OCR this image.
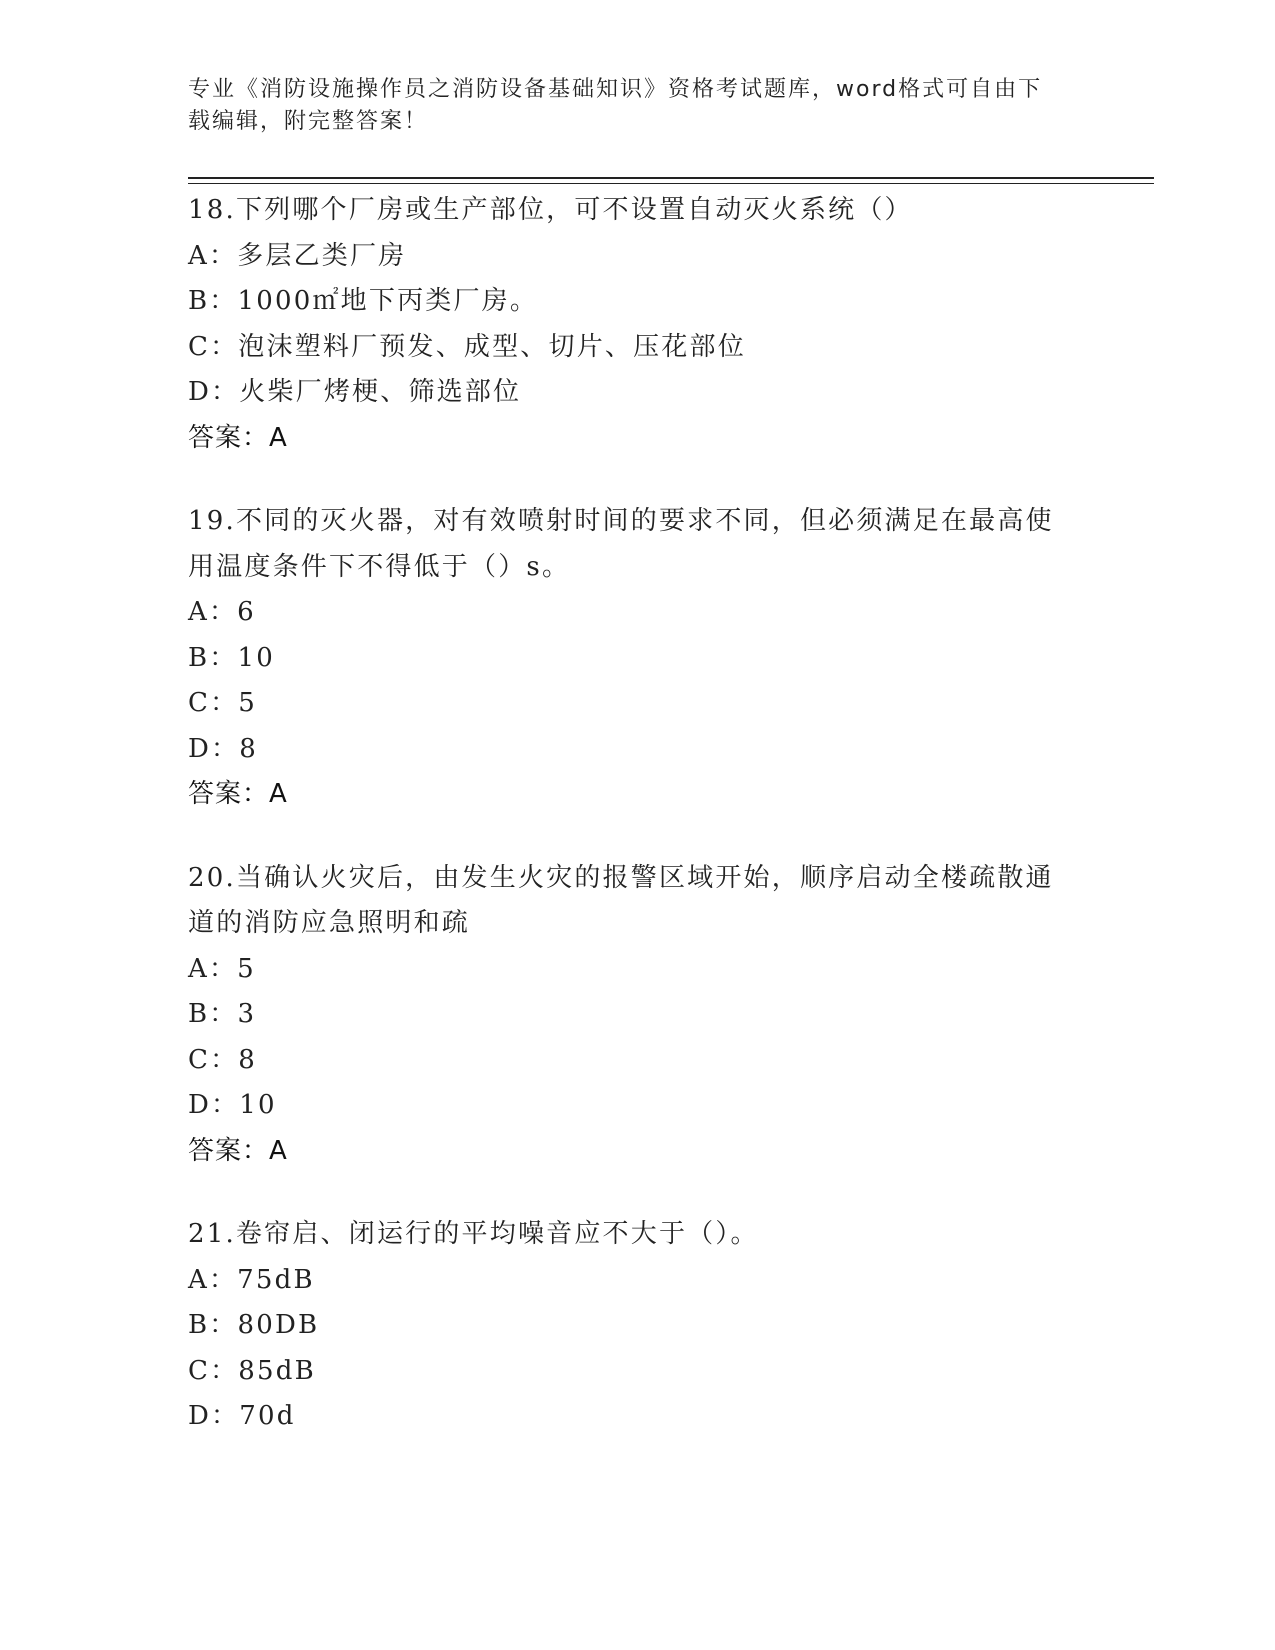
专业《消防设施操作员之消防设备基础知识》资格考试题库，word格式可自由下
载编辑，附完整答案！
18.下列哪个厂房或生产部位，可不设置自动灭火系统（）
A：多层乙类厂房
B：1000㎡地下丙类厂房。
C：泡沫塑料厂预发、成型、切片、压花部位
D：火柴厂烤梗、筛选部位
答案：A
19.不同的灭火器，对有效喷射时间的要求不同，但必须满足在最高使
用温度条件下不得低于（）s。
A：6
B：10
C：5
D：8
答案：A
20.当确认火灾后，由发生火灾的报警区域开始，顺序启动全楼疏散通
道的消防应急照明和疏
A：5
B：3
C：8
D：10
答案：A
21.卷帘启、闭运行的平均噪音应不大于（）。
A：75dB
B：80DB
C：85dB
D：70d
